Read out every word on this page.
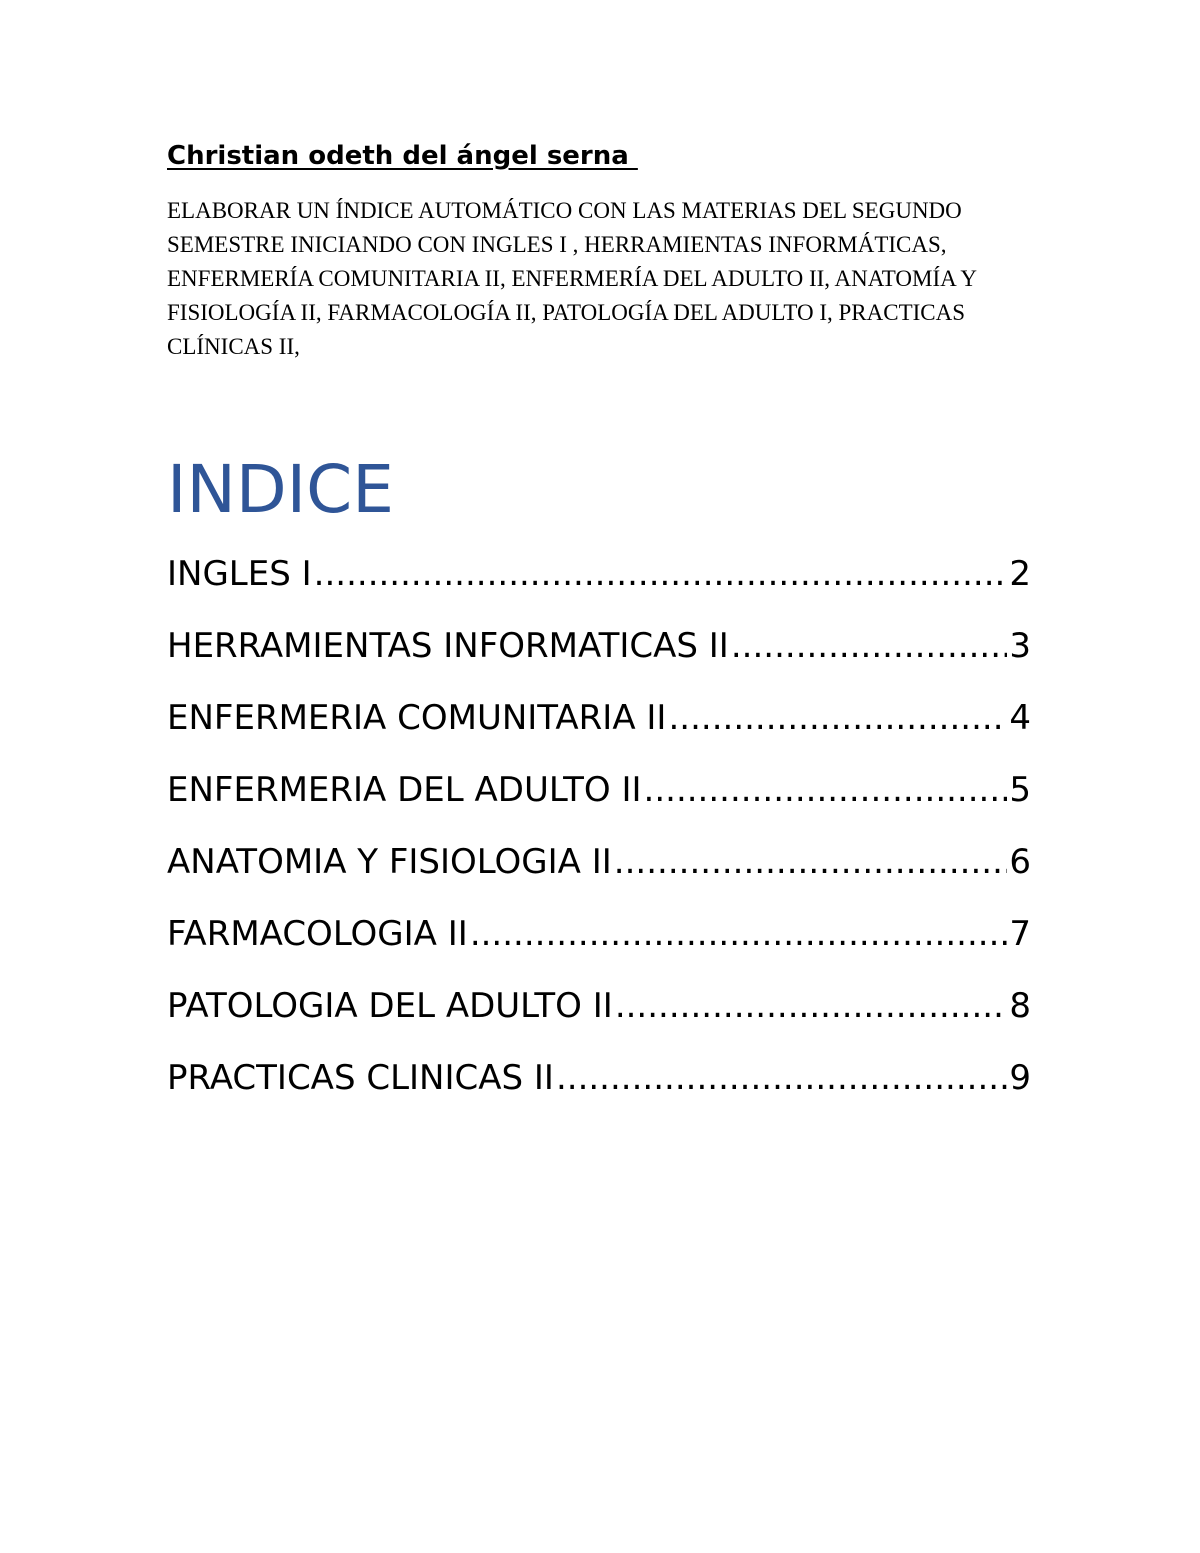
Christian odeth del ángel serna

ELABORAR UN ÍNDICE AUTOMÁTICO CON LAS MATERIAS DEL SEGUNDO SEMESTRE INICIANDO CON INGLES I , HERRAMIENTAS INFORMÁTICAS, ENFERMERÍA COMUNITARIA II, ENFERMERÍA DEL ADULTO II, ANATOMÍA Y FISIOLOGÍA II, FARMACOLOGÍA II, PATOLOGÍA DEL ADULTO I, PRACTICAS CLÍNICAS II,

INDICE
INGLES I .....	2
HERRAMIENTAS INFORMATICAS II .....	3
ENFERMERIA COMUNITARIA II .....	4
ENFERMERIA DEL ADULTO II .....	5
ANATOMIA Y FISIOLOGIA II .....	6
FARMACOLOGIA II .....	7
PATOLOGIA DEL ADULTO II .....	8
PRACTICAS CLINICAS II .....	9
